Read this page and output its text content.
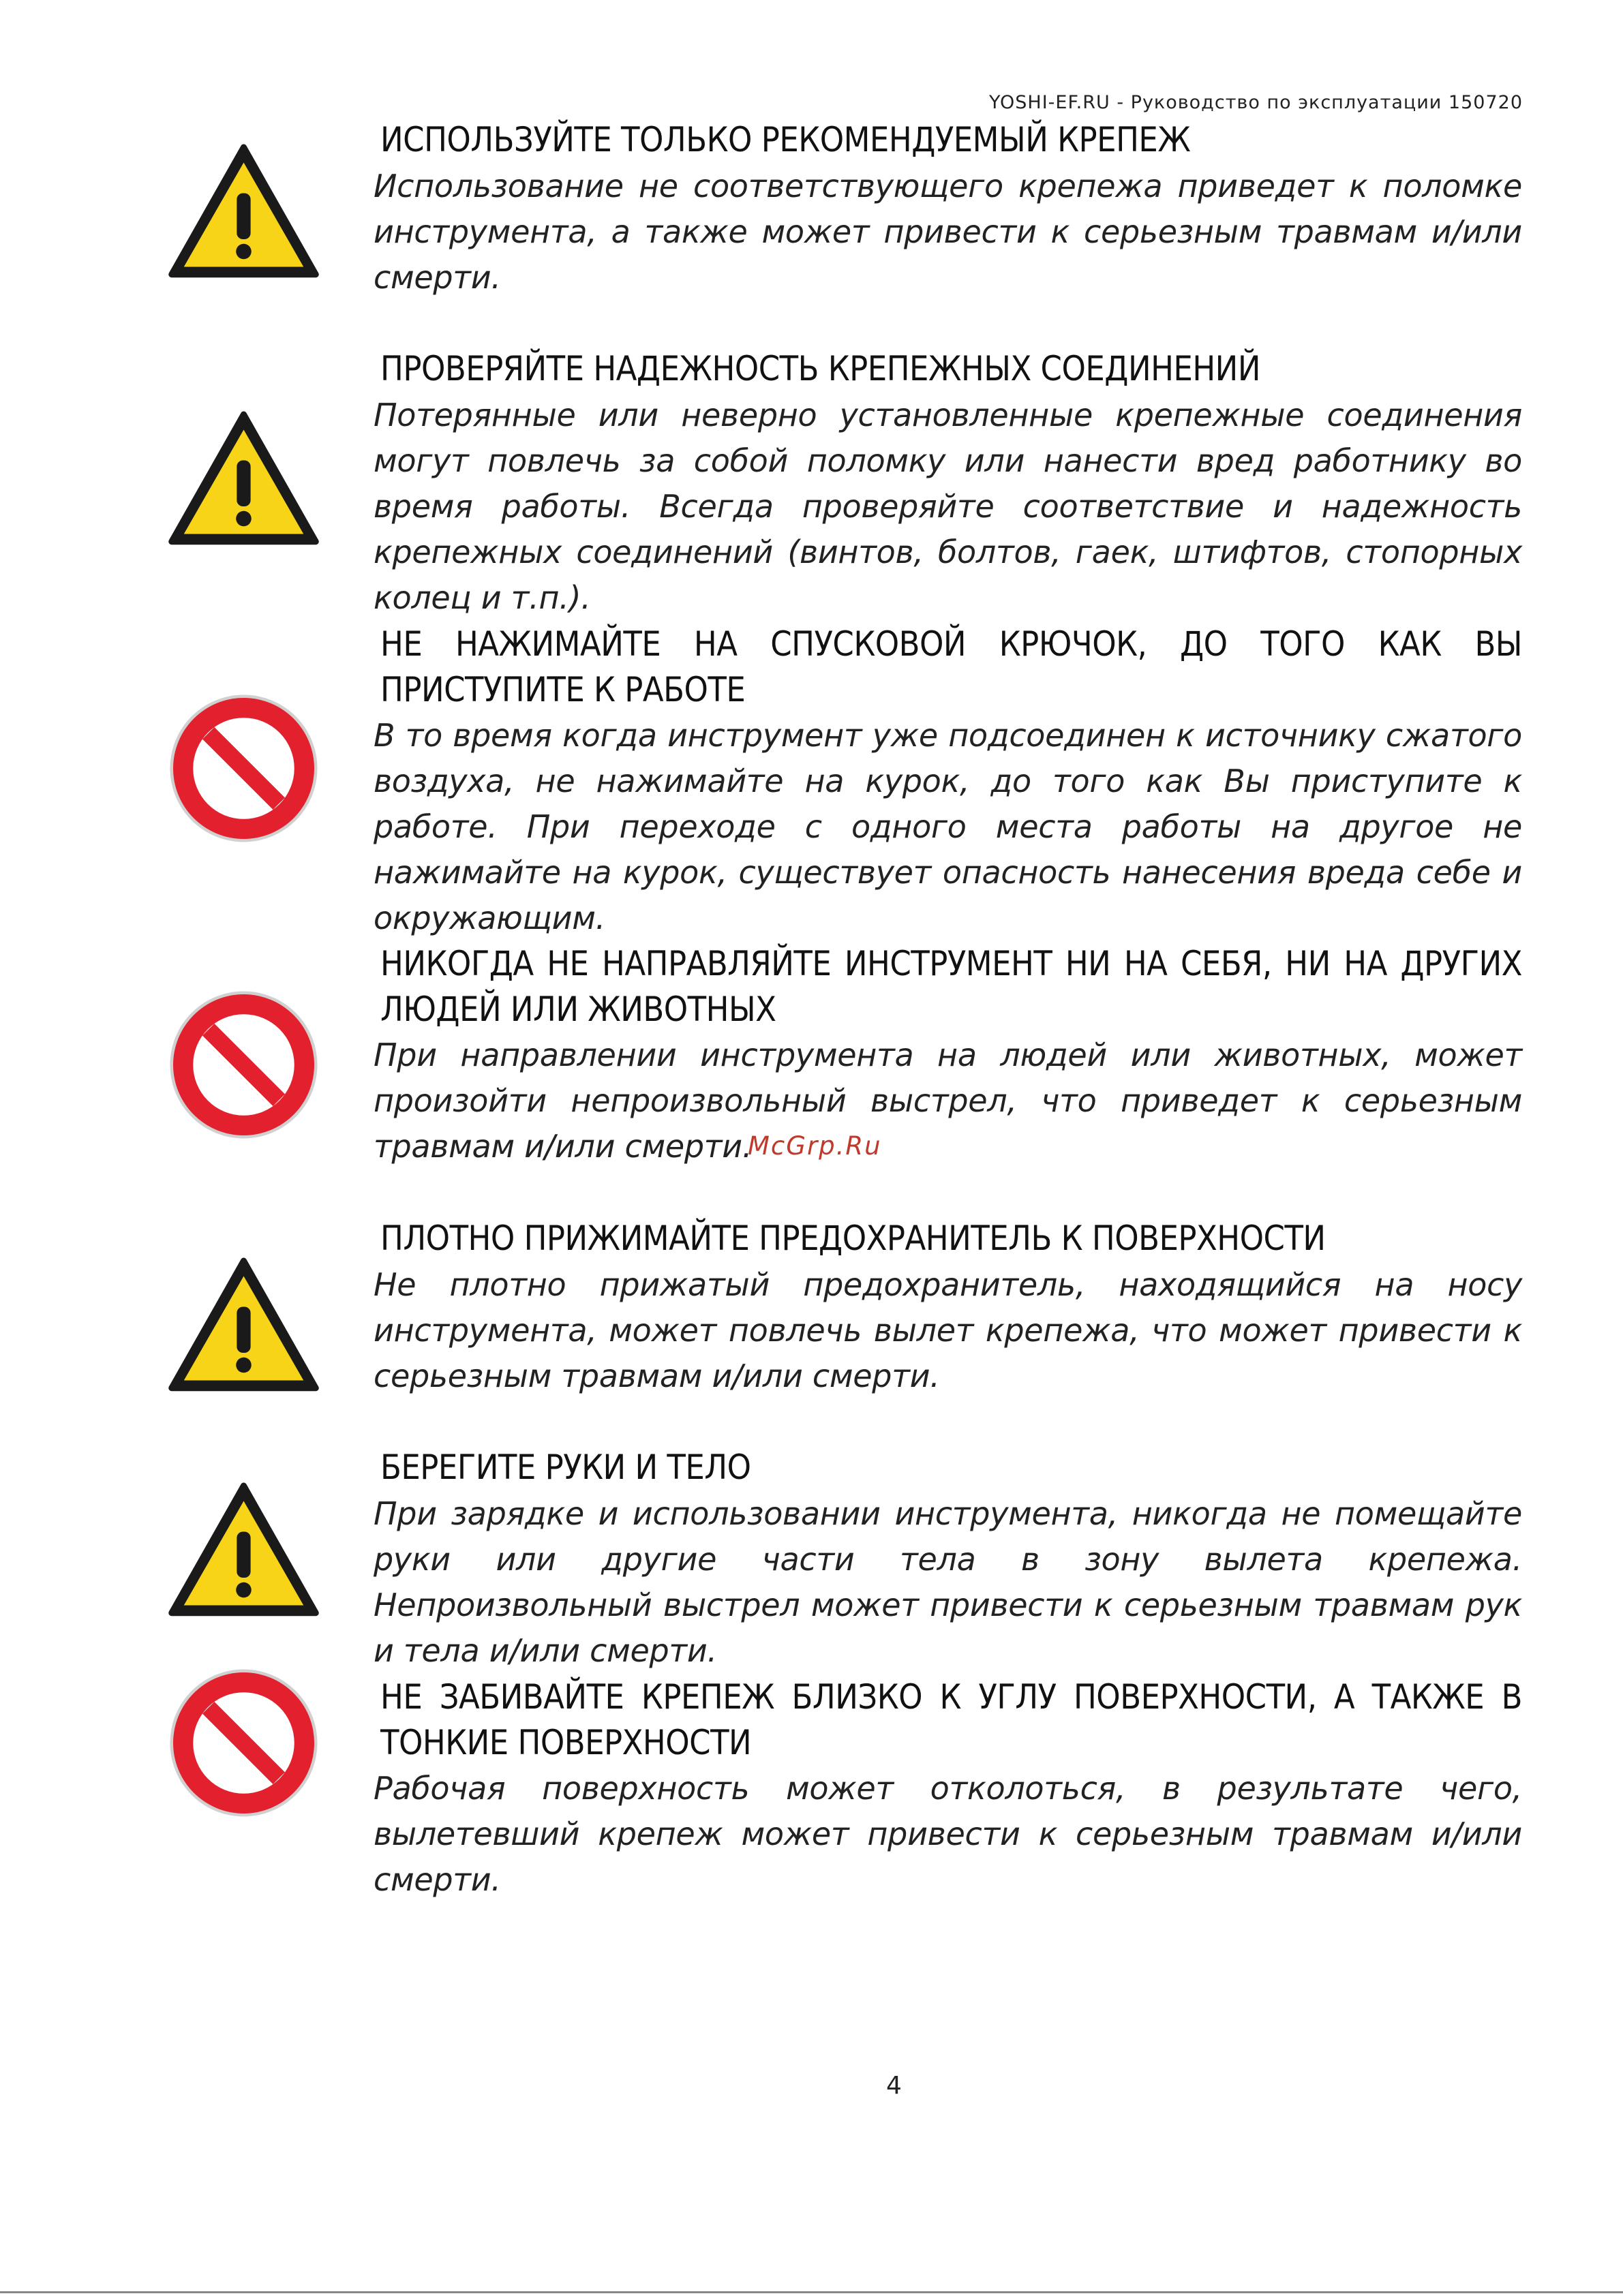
YOSHI-EF.RU - Руководство по эксплуатации 150720
ИСПОЛЬЗУЙТЕ ТОЛЬКО РЕКОМЕНДУЕМЫЙ КРЕПЕЖ
Использование не соответствующего крепежа приведет к поломке инструмента, а также может привести к серьезным травмам и/или смерти.
ПРОВЕРЯЙТЕ НАДЕЖНОСТЬ КРЕПЕЖНЫХ СОЕДИНЕНИЙ
Потерянные или неверно установленные крепежные соединения могут повлечь за собой поломку или нанести вред работнику во время работы. Всегда проверяйте соответствие и надежность крепежных соединений (винтов, болтов, гаек, штифтов, стопорных колец и т.п.).
НЕ НАЖИМАЙТЕ НА СПУСКОВОЙ КРЮЧОК, ДО ТОГО КАК ВЫ ПРИСТУПИТЕ К РАБОТЕ
В то время когда инструмент уже подсоединен к источнику сжатого воздуха, не нажимайте на курок, до того как Вы приступите к работе. При переходе с одного места работы на другое не нажимайте на курок, существует опасность нанесения вреда себе и окружающим.
НИКОГДА НЕ НАПРАВЛЯЙТЕ ИНСТРУМЕНТ НИ НА СЕБЯ, НИ НА ДРУГИХ ЛЮДЕЙ ИЛИ ЖИВОТНЫХ
При направлении инструмента на людей или животных, может произойти непроизвольный выстрел, что приведет к серьезным травмам и/или смерти.
McGrp.Ru
ПЛОТНО ПРИЖИМАЙТЕ ПРЕДОХРАНИТЕЛЬ К ПОВЕРХНОСТИ
Не плотно прижатый предохранитель, находящийся на носу инструмента, может повлечь вылет крепежа, что может привести к серьезным травмам и/или смерти.
БЕРЕГИТЕ РУКИ И ТЕЛО
При зарядке и использовании инструмента, никогда не помещайте руки или другие части тела в зону вылета крепежа. Непроизвольный выстрел может привести к серьезным травмам рук и тела и/или смерти.
НЕ ЗАБИВАЙТЕ КРЕПЕЖ БЛИЗКО К УГЛУ ПОВЕРХНОСТИ, А ТАКЖЕ В ТОНКИЕ ПОВЕРХНОСТИ
Рабочая поверхность может отколоться, в результате чего, вылетевший крепеж может привести к серьезным травмам и/или смерти.
4
